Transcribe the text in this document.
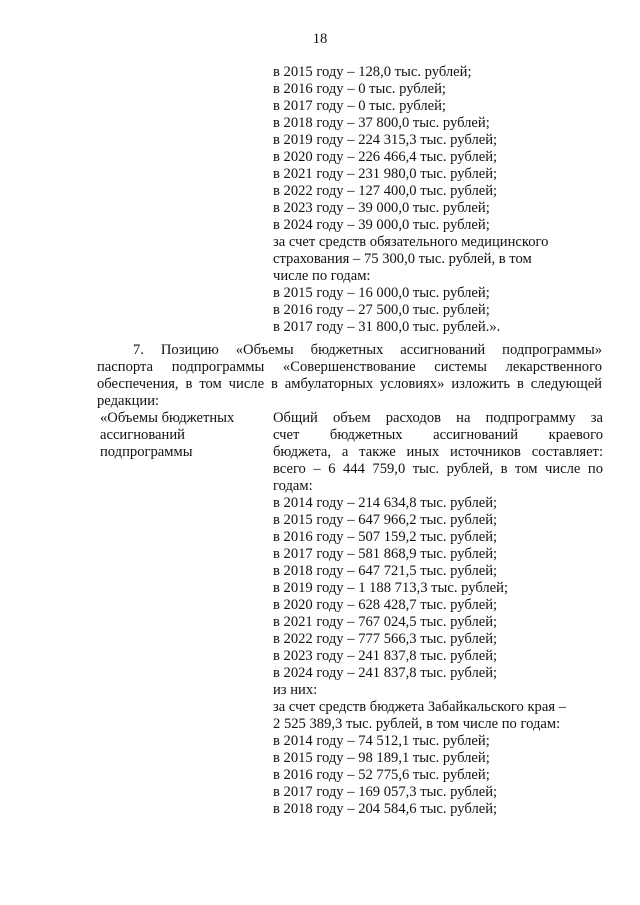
18
в 2015 году – 128,0 тыс. рублей;
в 2016 году – 0 тыс. рублей;
в 2017 году – 0 тыс. рублей;
в 2018 году – 37 800,0 тыс. рублей;
в 2019 году – 224 315,3 тыс. рублей;
в 2020 году – 226 466,4 тыс. рублей;
в 2021 году – 231 980,0 тыс. рублей;
в 2022 году – 127 400,0 тыс. рублей;
в 2023 году – 39 000,0 тыс. рублей;
в 2024 году – 39 000,0 тыс. рублей;
за счет средств обязательного медицинского
страхования – 75 300,0 тыс. рублей, в том
числе по годам:
в 2015 году – 16 000,0 тыс. рублей;
в 2016 году – 27 500,0 тыс. рублей;
в 2017 году – 31 800,0 тыс. рублей.».
7. Позицию «Объемы бюджетных ассигнований подпрограммы»
паспорта подпрограммы «Совершенствование системы лекарственного
обеспечения, в том числе в амбулаторных условиях» изложить в следующей
редакции:
«Объемы бюджетных
ассигнований
подпрограммы
Общий объем расходов на подпрограмму за
счет бюджетных ассигнований краевого
бюджета, а также иных источников составляет:
всего – 6 444 759,0 тыс. рублей, в том числе по
годам:
в 2014 году – 214 634,8 тыс. рублей;
в 2015 году – 647 966,2 тыс. рублей;
в 2016 году – 507 159,2 тыс. рублей;
в 2017 году – 581 868,9 тыс. рублей;
в 2018 году – 647 721,5 тыс. рублей;
в 2019 году – 1 188 713,3 тыс. рублей;
в 2020 году – 628 428,7 тыс. рублей;
в 2021 году – 767 024,5 тыс. рублей;
в 2022 году – 777 566,3 тыс. рублей;
в 2023 году – 241 837,8 тыс. рублей;
в 2024 году – 241 837,8 тыс. рублей;
из них:
за счет средств бюджета Забайкальского края –
2 525 389,3 тыс. рублей, в том числе по годам:
в 2014 году – 74 512,1 тыс. рублей;
в 2015 году – 98 189,1 тыс. рублей;
в 2016 году – 52 775,6 тыс. рублей;
в 2017 году – 169 057,3 тыс. рублей;
в 2018 году – 204 584,6 тыс. рублей;
